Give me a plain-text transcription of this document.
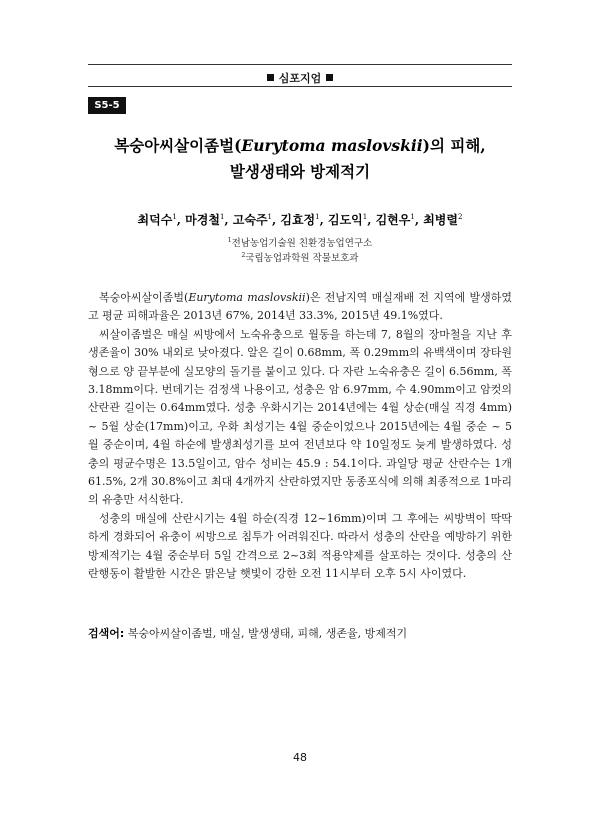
심포지엄
S5-5
복숭아씨살이좀벌(Eurytoma maslovskii)의 피해,
발생생태와 방제적기
최덕수$^1$, 마경철$^1$, 고숙주$^1$, 김효정$^1$, 김도익$^1$, 김현우$^1$, 최병렬$^2$
$^1$전남농업기술원 친환경농업연구소
$^2$국립농업과학원 작물보호과

복숭아씨살이좀벌(Eurytoma maslovskii)은 전남지역 매실재배 전 지역에 발생하였고 평균 피해과율은 2013년 67%, 2014년 33.3%, 2015년 49.1%였다.

씨살이좀벌은 매실 씨방에서 노숙유충으로 월동을 하는데 7, 8월의 장마철을 지난 후 생존율이 30% 내외로 낮아졌다. 알은 길이 0.68mm, 폭 0.29mm의 유백색이며 장타원형으로 양 끝부분에 실모양의 돌기를 붙이고 있다. 다 자란 노숙유충은 길이 6.56mm, 폭 3.18mm이다. 번데기는 검정색 나용이고, 성충은 암 6.97mm, 수 4.90mm이고 암컷의 산란관 길이는 0.64mm였다. 성충 우화시기는 2014년에는 4월 상순(매실 직경 4mm) ~ 5월 상순(17mm)이고, 우화 최성기는 4월 중순이었으나 2015년에는 4월 중순 ~ 5월 중순이며, 4월 하순에 발생최성기를 보여 전년보다 약 10일정도 늦게 발생하였다. 성충의 평균수명은 13.5일이고, 암수 성비는 45.9 : 54.1이다. 과일당 평균 산란수는 1개 61.5%, 2개 30.8%이고 최대 4개까지 산란하였지만 동종포식에 의해 최종적으로 1마리의 유충만 서식한다.

성충의 매실에 산란시기는 4월 하순(직경 12~16mm)이며 그 후에는 씨방벽이 딱딱하게 경화되어 유충이 씨방으로 침투가 어려워진다. 따라서 성충의 산란을 예방하기 위한 방제적기는 4월 중순부터 5일 간격으로 2~3회 적용약제를 살포하는 것이다. 성충의 산란행동이 활발한 시간은 맑은날 햇빛이 강한 오전 11시부터 오후 5시 사이였다.

검색어: 복숭아씨살이좀벌, 매실, 발생생태, 피해, 생존율, 방제적기
48
